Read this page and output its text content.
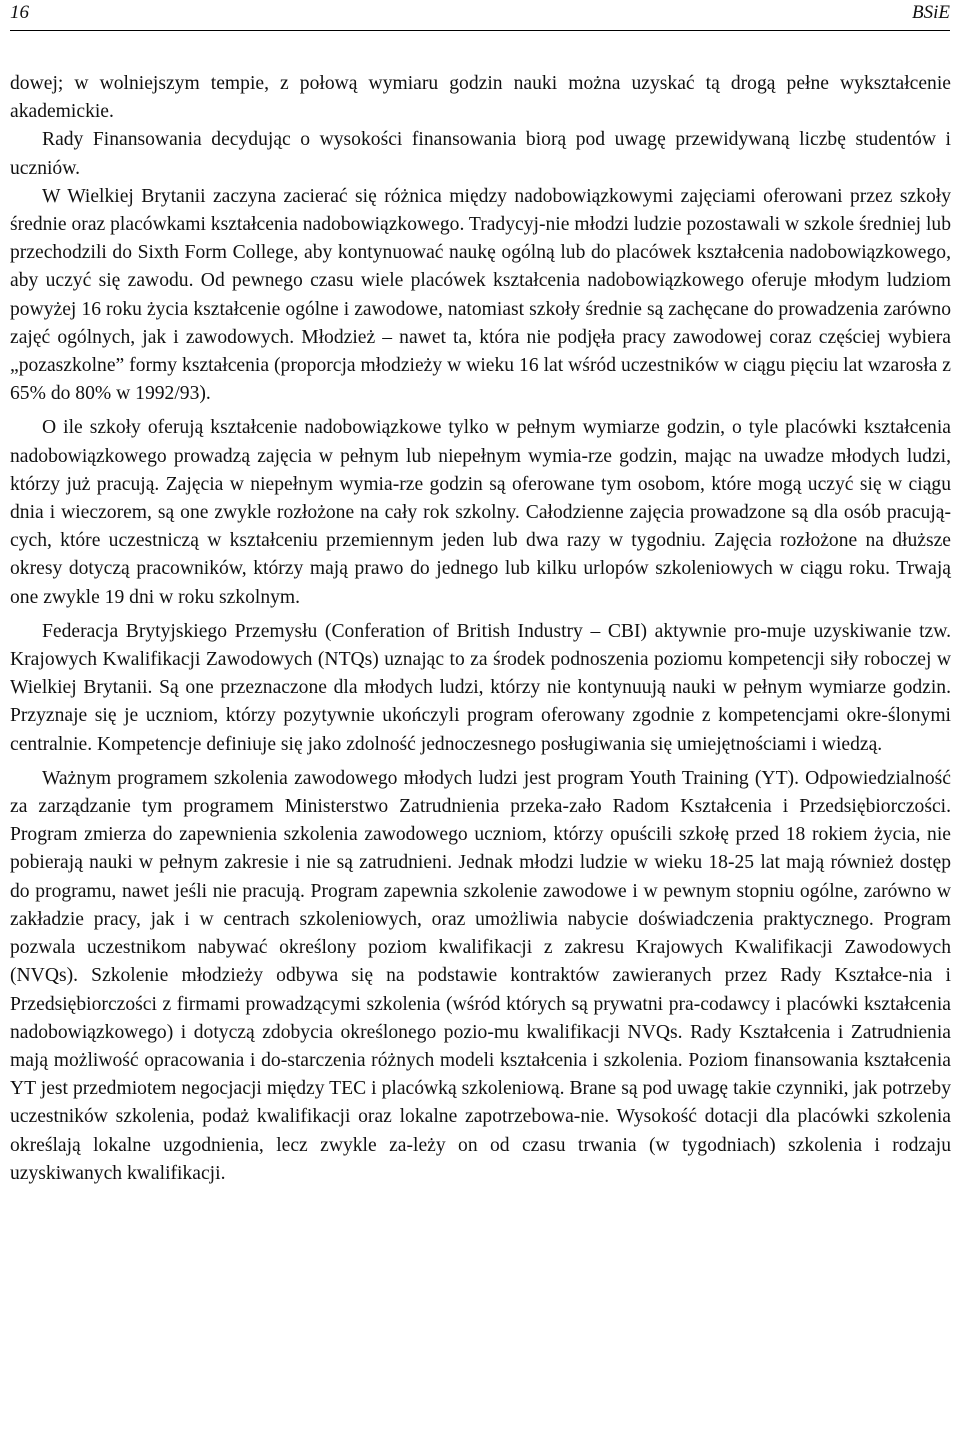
16	BSiE

dowej; w wolniejszym tempie, z połową wymiaru godzin nauki można uzyskać tą drogą pełne wykształcenie akademickie.

Rady Finansowania decydując o wysokości finansowania biorą pod uwagę przewidywaną liczbę studentów i uczniów.

W Wielkiej Brytanii zaczyna zacierać się różnica między nadobowiązkowymi zajęciami oferowani przez szkoły średnie oraz placówkami kształcenia nadobowiązkowego. Tradycyj-nie młodzi ludzie pozostawali w szkole średniej lub przechodzili do Sixth Form College, aby kontynuować naukę ogólną lub do placówek kształcenia nadobowiązkowego, aby uczyć się zawodu. Od pewnego czasu wiele placówek kształcenia nadobowiązkowego oferuje młodym ludziom powyżej 16 roku życia kształcenie ogólne i zawodowe, natomiast szkoły średnie są zachęcane do prowadzenia zarówno zajęć ogólnych, jak i zawodowych. Młodzież – nawet ta, która nie podjęła pracy zawodowej coraz częściej wybiera „pozaszkolne” formy kształcenia (proporcja młodzieży w wieku 16 lat wśród uczestników w ciągu pięciu lat wzarosła z 65% do 80% w 1992/93).

O ile szkoły oferują kształcenie nadobowiązkowe tylko w pełnym wymiarze godzin, o tyle placówki kształcenia nadobowiązkowego prowadzą zajęcia w pełnym lub niepełnym wymia-rze godzin, mając na uwadze młodych ludzi, którzy już pracują. Zajęcia w niepełnym wymia-rze godzin są oferowane tym osobom, które mogą uczyć się w ciągu dnia i wieczorem, są one zwykle rozłożone na cały rok szkolny. Całodzienne zajęcia prowadzone są dla osób pracują-cych, które uczestniczą w kształceniu przemiennym jeden lub dwa razy w tygodniu. Zajęcia rozłożone na dłuższe okresy dotyczą pracowników, którzy mają prawo do jednego lub kilku urlopów szkoleniowych w ciągu roku. Trwają one zwykle 19 dni w roku szkolnym.

Federacja Brytyjskiego Przemysłu (Conferation of British Industry – CBI) aktywnie pro-muje uzyskiwanie tzw. Krajowych Kwalifikacji Zawodowych (NTQs) uznając to za środek podnoszenia poziomu kompetencji siły roboczej w Wielkiej Brytanii. Są one przeznaczone dla młodych ludzi, którzy nie kontynuują nauki w pełnym wymiarze godzin. Przyznaje się je uczniom, którzy pozytywnie ukończyli program oferowany zgodnie z kompetencjami okre-ślonymi centralnie. Kompetencje definiuje się jako zdolność jednoczesnego posługiwania się umiejętnościami i wiedzą.

Ważnym programem szkolenia zawodowego młodych ludzi jest program Youth Training (YT). Odpowiedzialność za zarządzanie tym programem Ministerstwo Zatrudnienia przeka-zało Radom Kształcenia i Przedsiębiorczości. Program zmierza do zapewnienia szkolenia zawodowego uczniom, którzy opuścili szkołę przed 18 rokiem życia, nie pobierają nauki w pełnym zakresie i nie są zatrudnieni. Jednak młodzi ludzie w wieku 18-25 lat mają również dostęp do programu, nawet jeśli nie pracują. Program zapewnia szkolenie zawodowe i w pewnym stopniu ogólne, zarówno w zakładzie pracy, jak i w centrach szkoleniowych, oraz umożliwia nabycie doświadczenia praktycznego. Program pozwala uczestnikom nabywać określony poziom kwalifikacji z zakresu Krajowych Kwalifikacji Zawodowych (NVQs). Szkolenie młodzieży odbywa się na podstawie kontraktów zawieranych przez Rady Kształce-nia i Przedsiębiorczości z firmami prowadzącymi szkolenia (wśród których są prywatni pra-codawcy i placówki kształcenia nadobowiązkowego) i dotyczą zdobycia określonego pozio-mu kwalifikacji NVQs. Rady Kształcenia i Zatrudnienia mają możliwość opracowania i do-starczenia różnych modeli kształcenia i szkolenia. Poziom finansowania kształcenia YT jest przedmiotem negocjacji między TEC i placówką szkoleniową. Brane są pod uwagę takie czynniki, jak potrzeby uczestników szkolenia, podaż kwalifikacji oraz lokalne zapotrzebowa-nie. Wysokość dotacji dla placówki szkolenia określają lokalne uzgodnienia, lecz zwykle za-leży on od czasu trwania (w tygodniach) szkolenia i rodzaju uzyskiwanych kwalifikacji.
